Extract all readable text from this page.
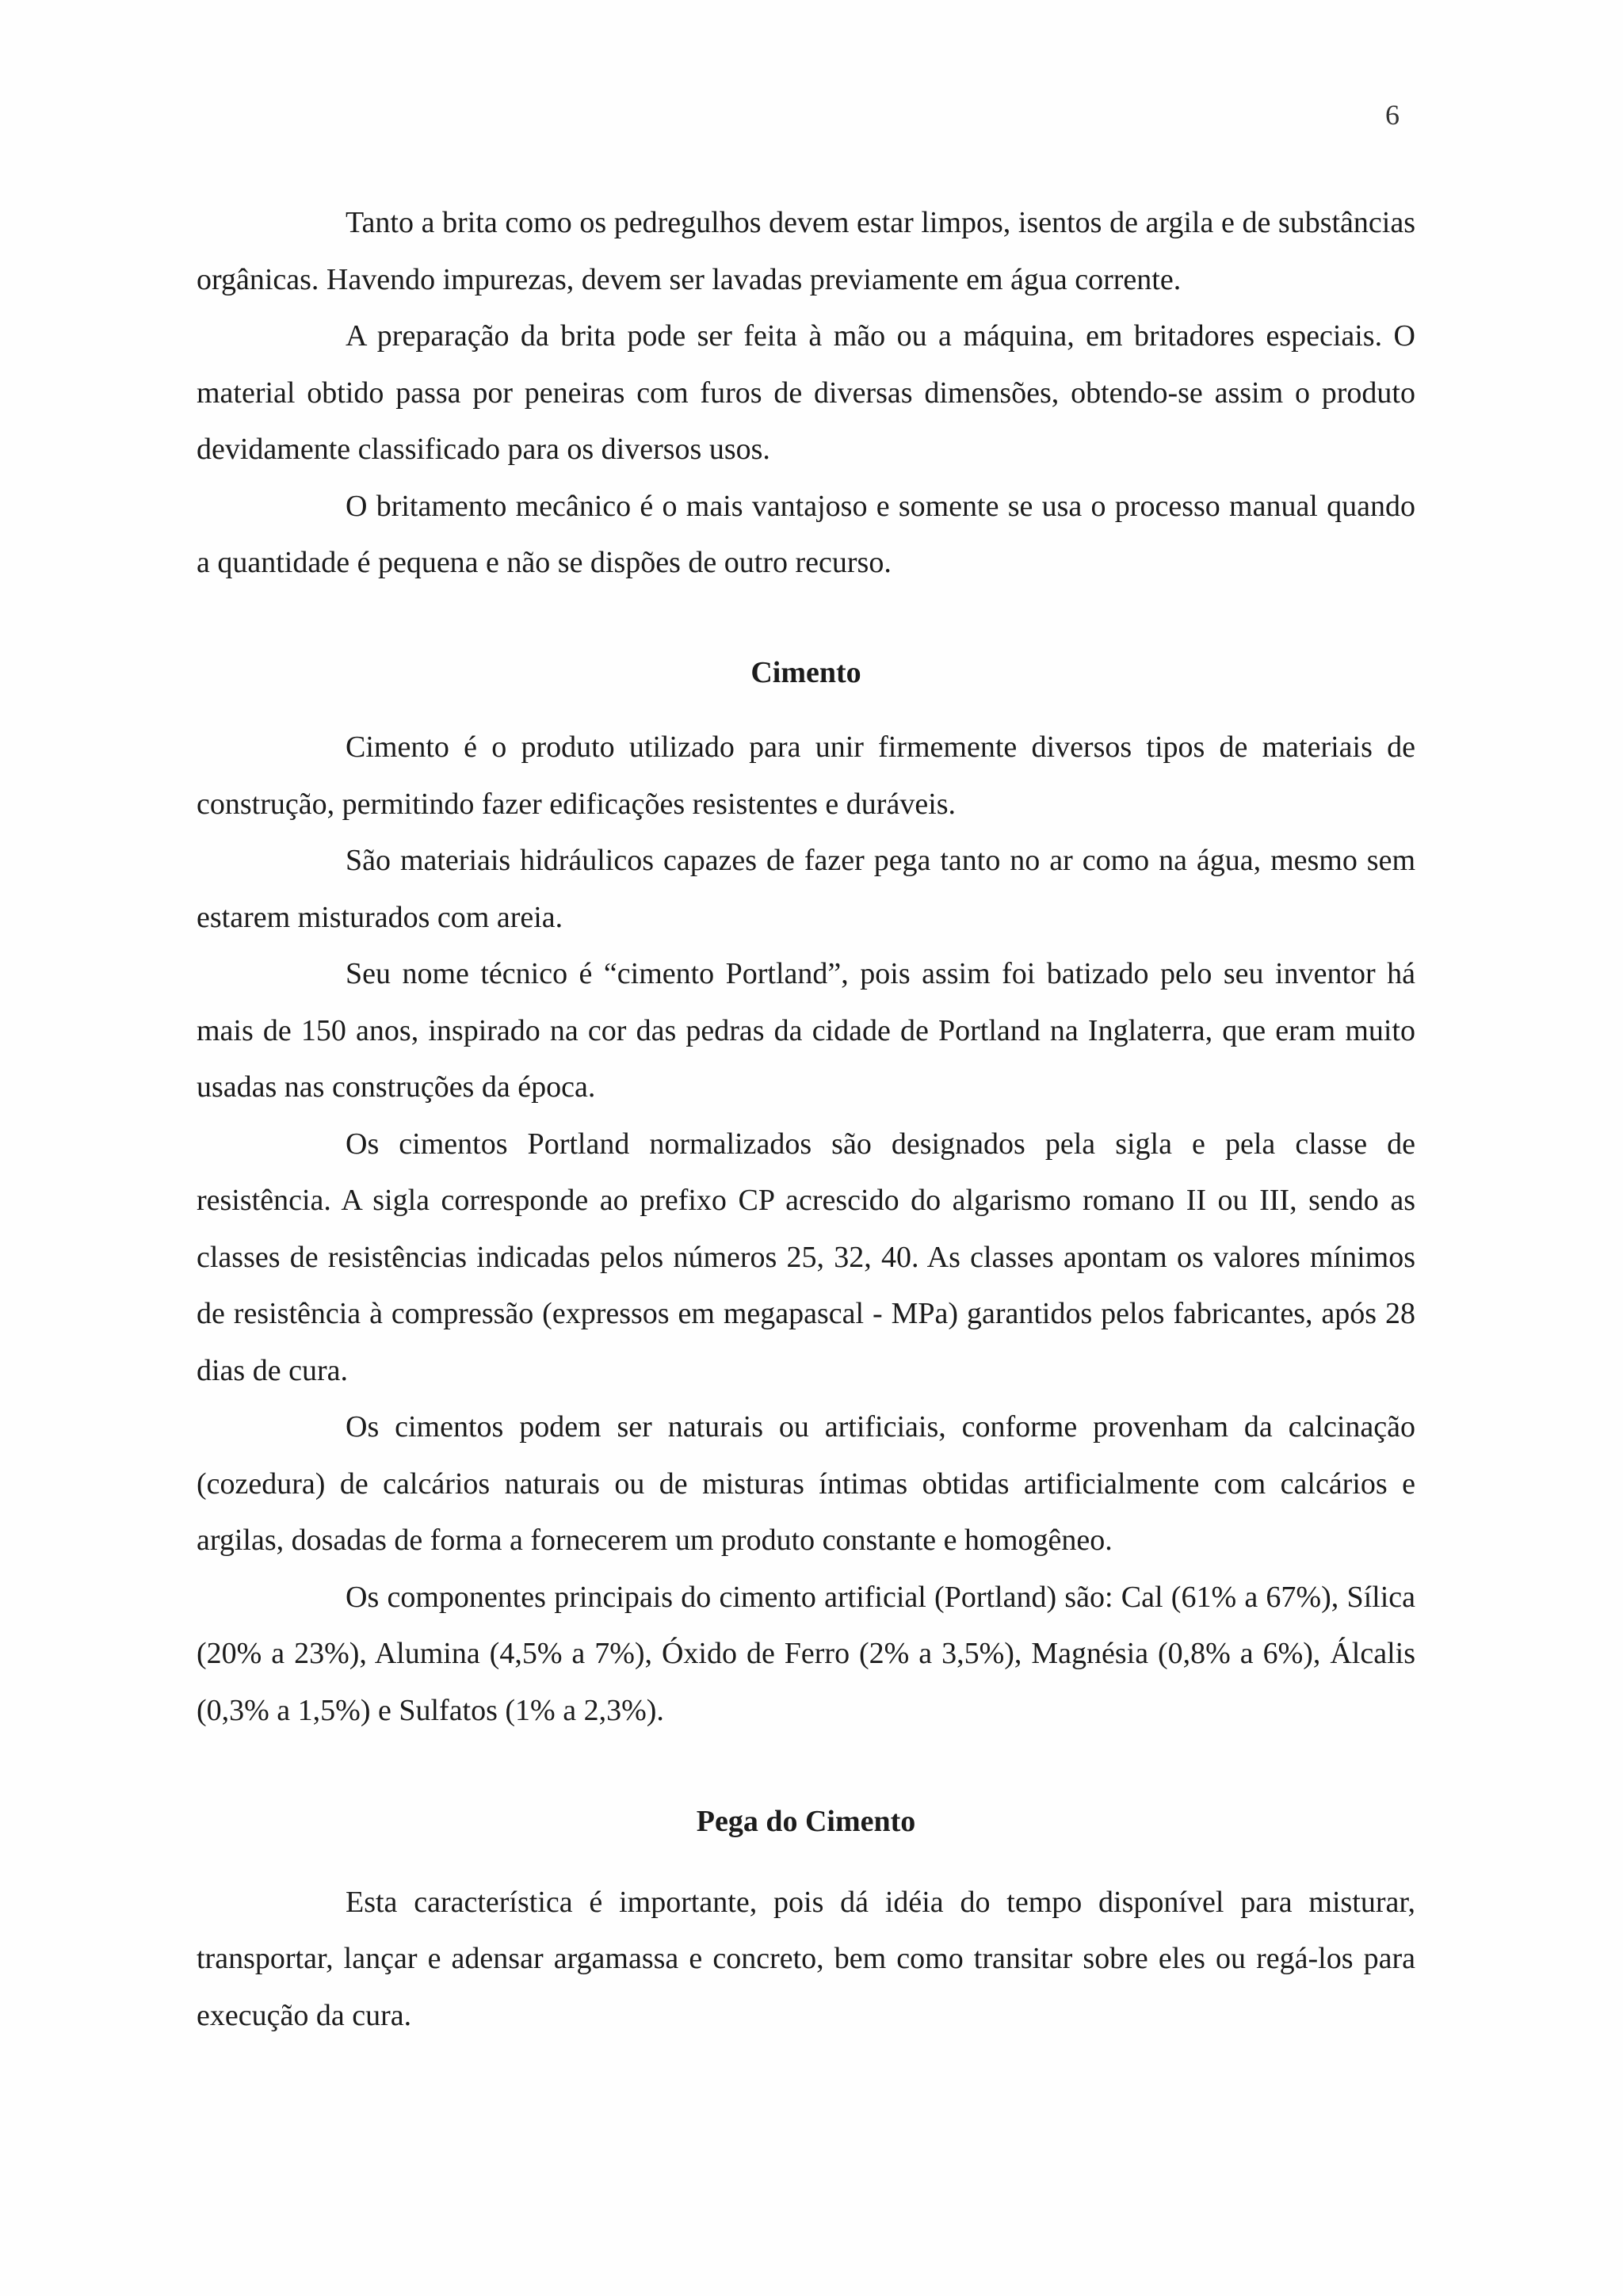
6

Tanto a brita como os pedregulhos devem estar limpos, isentos de argila e de substâncias orgânicas. Havendo impurezas, devem ser lavadas previamente em água corrente.

A preparação da brita pode ser feita à mão ou a máquina, em britadores especiais. O material obtido passa por peneiras com furos de diversas dimensões, obtendo-se assim o produto devidamente classificado para os diversos usos.

O britamento mecânico é o mais vantajoso e somente se usa o processo manual quando a quantidade é pequena e não se dispões de outro recurso.

Cimento

Cimento é o produto utilizado para unir firmemente diversos tipos de materiais de construção, permitindo fazer edificações resistentes e duráveis.

São materiais hidráulicos capazes de fazer pega tanto no ar como na água, mesmo sem estarem misturados com areia.

Seu nome técnico é “cimento Portland”, pois assim foi batizado pelo seu inventor há mais de 150 anos, inspirado na cor das pedras da cidade de Portland na Inglaterra, que eram muito usadas nas construções da época.

Os cimentos Portland normalizados são designados pela sigla e pela classe de resistência. A sigla corresponde ao prefixo CP acrescido do algarismo romano II ou III, sendo as classes de resistências indicadas pelos números 25, 32, 40. As classes apontam os valores mínimos de resistência à compressão (expressos em megapascal - MPa) garantidos pelos fabricantes, após 28 dias de cura.

Os cimentos podem ser naturais ou artificiais, conforme provenham da calcinação (cozedura) de calcários naturais ou de misturas íntimas obtidas artificialmente com calcários e argilas, dosadas de forma a fornecerem um produto constante e homogêneo.

Os componentes principais do cimento artificial (Portland) são: Cal (61% a 67%), Sílica (20% a 23%), Alumina (4,5% a 7%), Óxido de Ferro (2% a 3,5%), Magnésia (0,8% a 6%), Álcalis (0,3% a 1,5%) e Sulfatos (1% a 2,3%).

Pega do Cimento

Esta característica é importante, pois dá idéia do tempo disponível para misturar, transportar, lançar e adensar argamassa e concreto, bem como transitar sobre eles ou regá-los para execução da cura.
